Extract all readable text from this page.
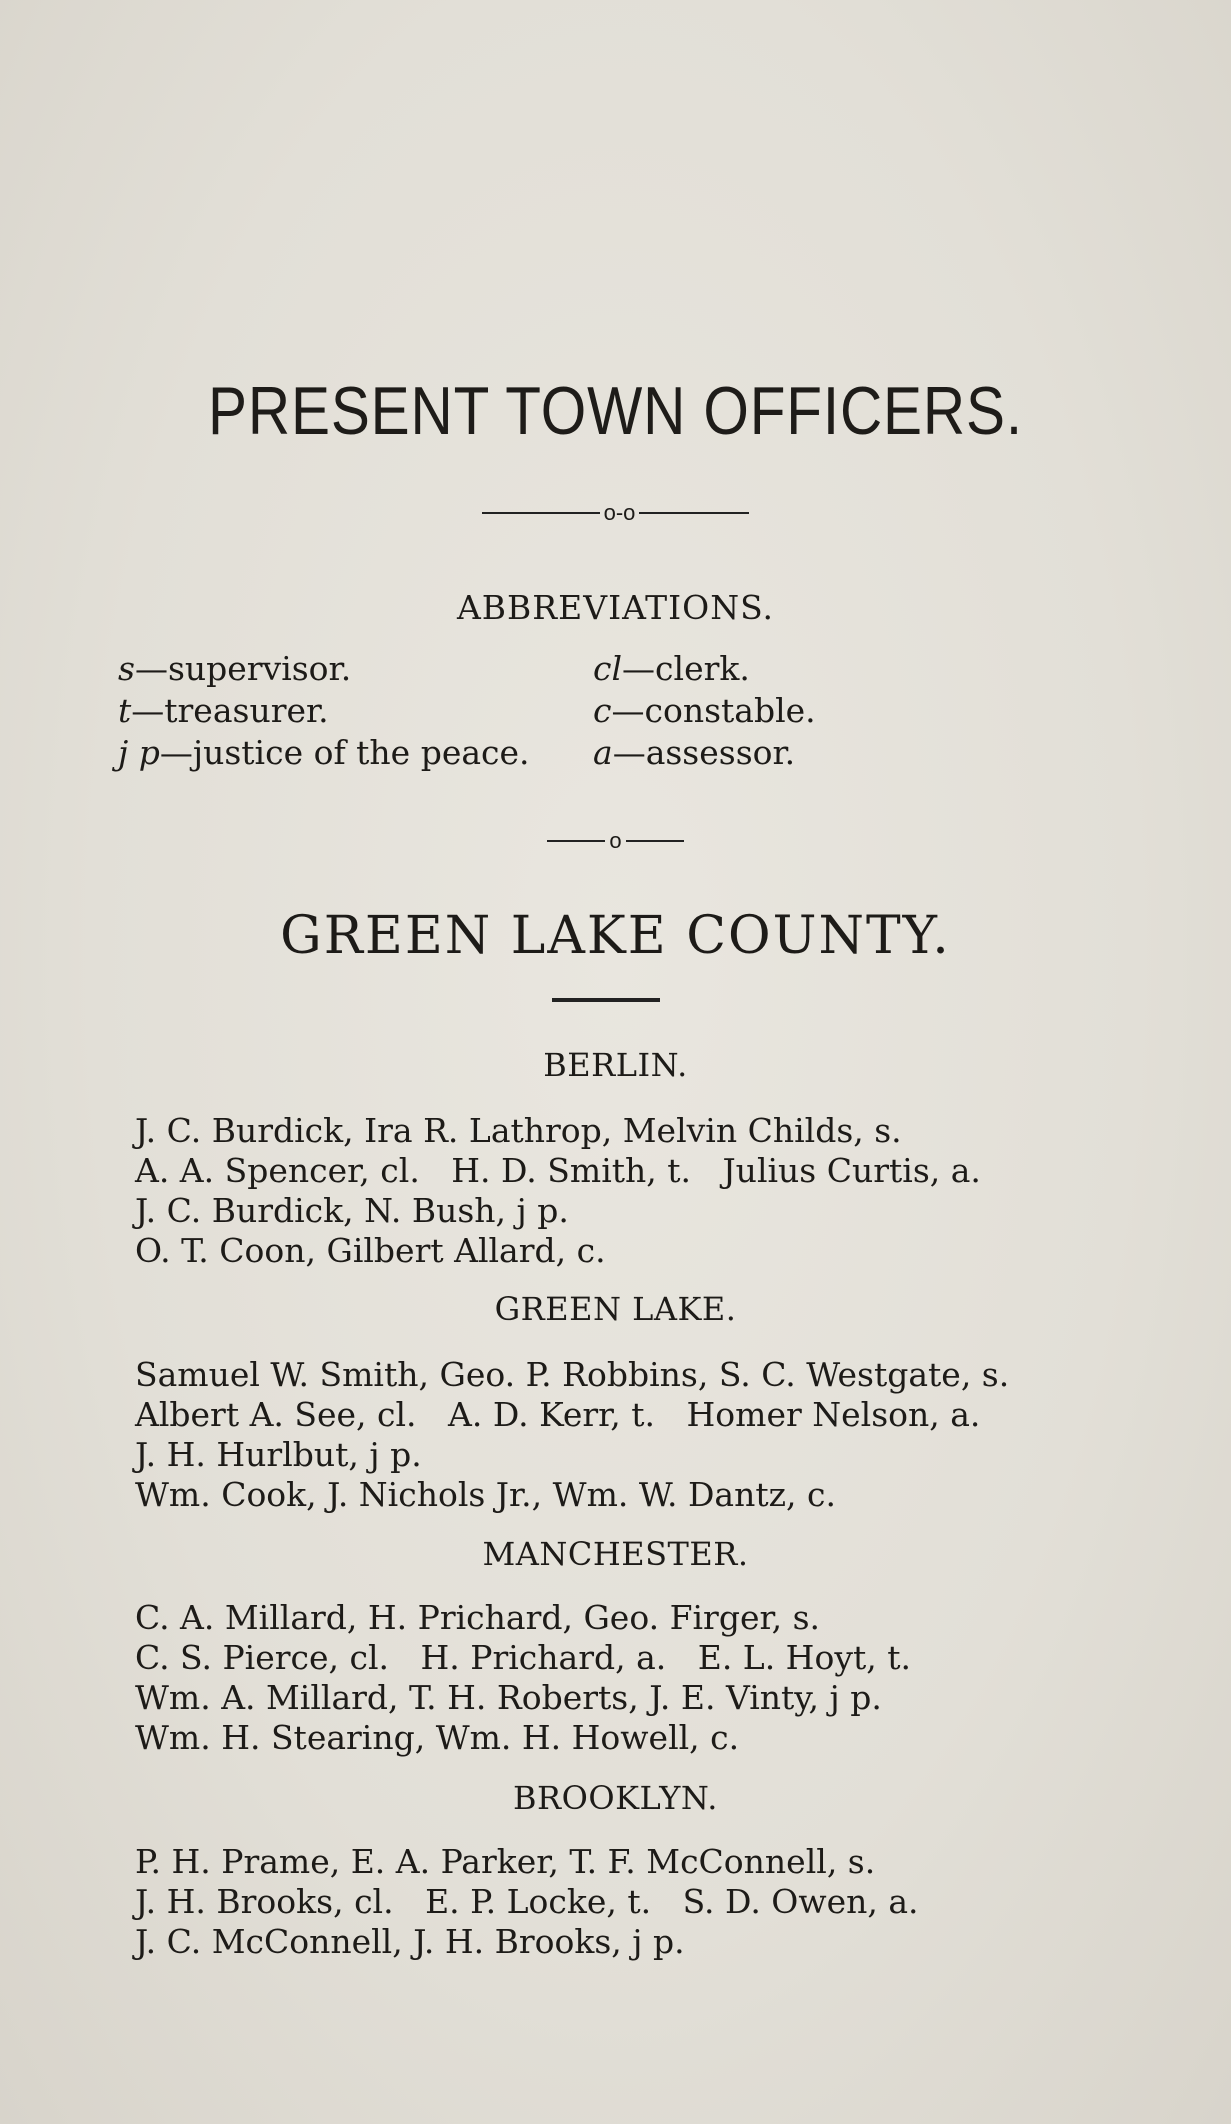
PRESENT TOWN OFFICERS.
o-o
ABBREVIATIONS.
s—supervisor.	cl—clerk.
t—treasurer.	c—constable.
j p—justice of the peace. a—assessor.
o
GREEN LAKE COUNTY.
BERLIN.
J. C. Burdick, Ira R. Lathrop, Melvin Childs, s.
A. A. Spencer, cl.   H. D. Smith, t.   Julius Curtis, a.
J. C. Burdick, N. Bush, j p.
O. T. Coon, Gilbert Allard, c.
GREEN LAKE.
Samuel W. Smith, Geo. P. Robbins, S. C. Westgate, s.
Albert A. See, cl.   A. D. Kerr, t.   Homer Nelson, a.
J. H. Hurlbut, j p.
Wm. Cook, J. Nichols Jr., Wm. W. Dantz, c.
MANCHESTER.
C. A. Millard, H. Prichard, Geo. Firger, s.
C. S. Pierce, cl.   H. Prichard, a.   E. L. Hoyt, t.
Wm. A. Millard, T. H. Roberts, J. E. Vinty, j p.
Wm. H. Stearing, Wm. H. Howell, c.
BROOKLYN.
P. H. Prame, E. A. Parker, T. F. McConnell, s.
J. H. Brooks, cl.   E. P. Locke, t.   S. D. Owen, a.
J. C. McConnell, J. H. Brooks, j p.
